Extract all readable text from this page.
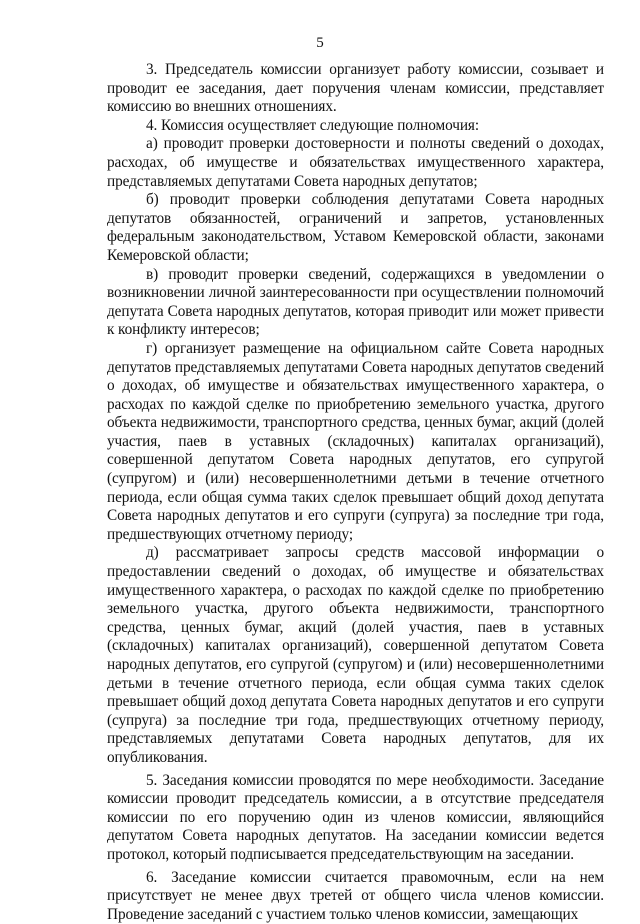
5

3. Председатель комиссии организует работу комиссии, созывает и проводит ее заседания, дает поручения членам комиссии, представляет комиссию во внешних отношениях.

4. Комиссия осуществляет следующие полномочия:

а) проводит проверки достоверности и полноты сведений о доходах, расходах, об имуществе и обязательствах имущественного характера, представляемых депутатами Совета народных депутатов;

б) проводит проверки соблюдения депутатами Совета народных депутатов обязанностей, ограничений и запретов, установленных федеральным законодательством, Уставом Кемеровской области, законами Кемеровской области;

в) проводит проверки сведений, содержащихся в уведомлении о возникновении личной заинтересованности при осуществлении полномочий депутата Совета народных депутатов, которая приводит или может привести к конфликту интересов;

г) организует размещение на официальном сайте Совета народных депутатов представляемых депутатами Совета народных депутатов сведений о доходах, об имуществе и обязательствах имущественного характера, о расходах по каждой сделке по приобретению земельного участка, другого объекта недвижимости, транспортного средства, ценных бумаг, акций (долей участия, паев в уставных (складочных) капиталах организаций), совершенной депутатом Совета народных депутатов, его супругой (супругом) и (или) несовершеннолетними детьми в течение отчетного периода, если общая сумма таких сделок превышает общий доход депутата Совета народных депутатов и его супруги (супруга) за последние три года, предшествующих отчетному периоду;

д) рассматривает запросы средств массовой информации о предоставлении сведений о доходах, об имуществе и обязательствах имущественного характера, о расходах по каждой сделке по приобретению земельного участка, другого объекта недвижимости, транспортного средства, ценных бумаг, акций (долей участия, паев в уставных (складочных) капиталах организаций), совершенной депутатом Совета народных депутатов, его супругой (супругом) и (или) несовершеннолетними детьми в течение отчетного периода, если общая сумма таких сделок превышает общий доход депутата Совета народных депутатов и его супруги (супруга) за последние три года, предшествующих отчетному периоду, представляемых депутатами Совета народных депутатов, для их опубликования.

5. Заседания комиссии проводятся по мере необходимости. Заседание комиссии проводит председатель комиссии, а в отсутствие председателя комиссии по его поручению один из членов комиссии, являющийся депутатом Совета народных депутатов. На заседании комиссии ведется протокол, который подписывается председательствующим на заседании.

6. Заседание комиссии считается правомочным, если на нем присутствует не менее двух третей от общего числа членов комиссии. Проведение заседаний с участием только членов комиссии, замещающих
